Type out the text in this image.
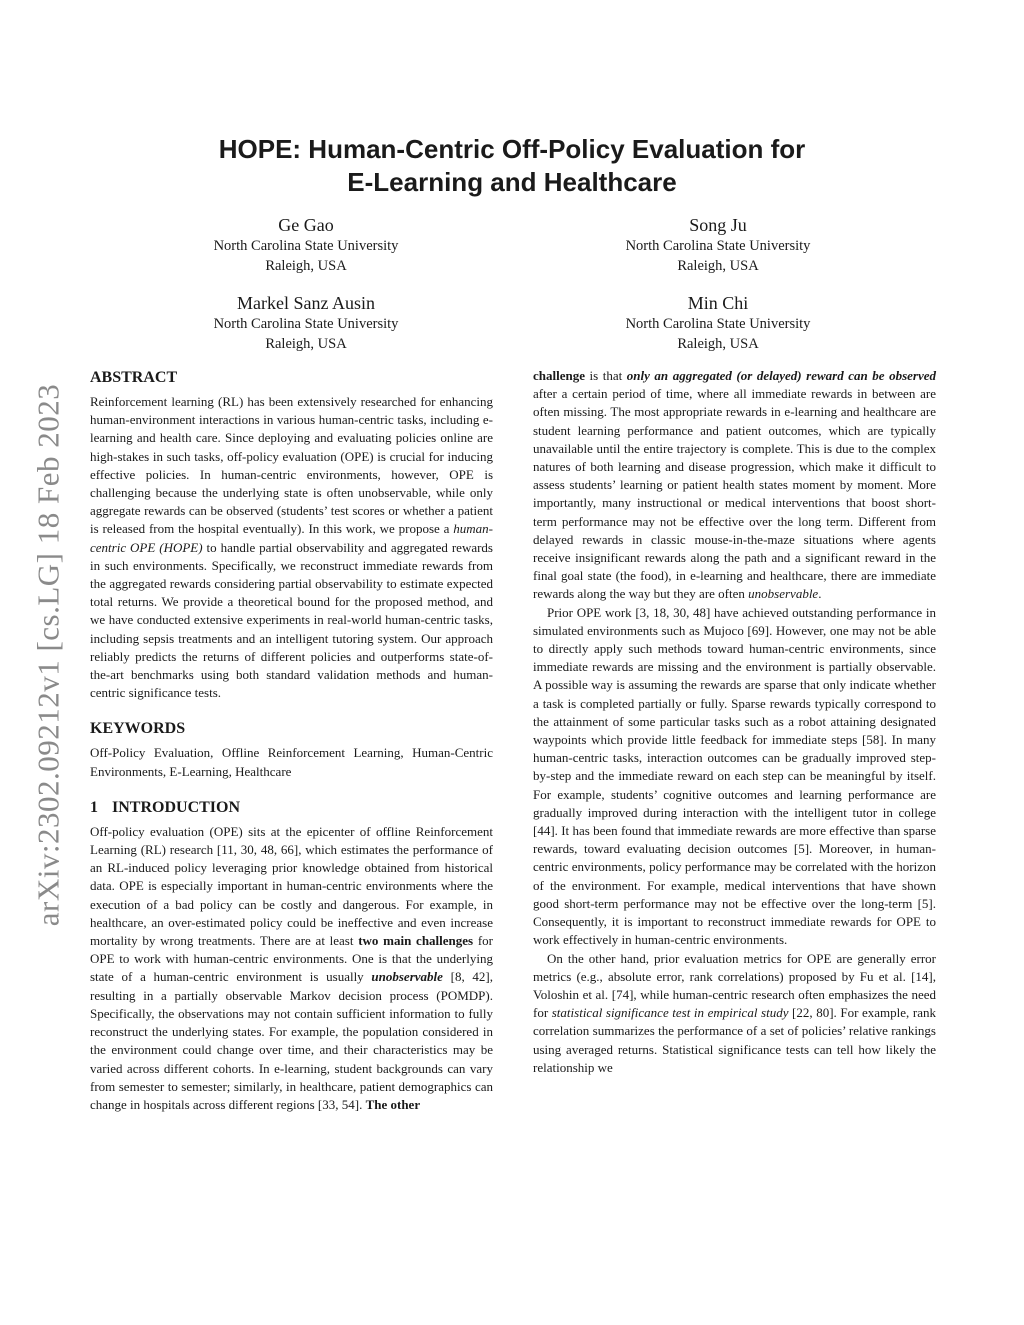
arXiv:2302.09212v1 [cs.LG] 18 Feb 2023
HOPE: Human-Centric Off-Policy Evaluation for
E-Learning and Healthcare
Ge Gao
North Carolina State University
Raleigh, USA
Song Ju
North Carolina State University
Raleigh, USA
Markel Sanz Ausin
North Carolina State University
Raleigh, USA
Min Chi
North Carolina State University
Raleigh, USA
ABSTRACT

Reinforcement learning (RL) has been extensively researched for enhancing human-environment interactions in various human-centric tasks, including e-learning and health care. Since deploying and evaluating policies online are high-stakes in such tasks, off-policy evaluation (OPE) is crucial for inducing effective policies. In human-centric environments, however, OPE is challenging because the underlying state is often unobservable, while only aggregate rewards can be observed (students’ test scores or whether a patient is released from the hospital eventually). In this work, we propose a human-centric OPE (HOPE) to handle partial observability and aggregated rewards in such environments. Specifically, we reconstruct immediate rewards from the aggregated rewards considering partial observability to estimate expected total returns. We provide a theoretical bound for the proposed method, and we have conducted extensive experiments in real-world human-centric tasks, including sepsis treatments and an intelligent tutoring system. Our approach reliably predicts the returns of different policies and outperforms state-of-the-art benchmarks using both standard validation methods and human-centric significance tests.

KEYWORDS

Off-Policy Evaluation, Offline Reinforcement Learning, Human-Centric Environments, E-Learning, Healthcare

1 INTRODUCTION

Off-policy evaluation (OPE) sits at the epicenter of offline Reinforcement Learning (RL) research [11, 30, 48, 66], which estimates the performance of an RL-induced policy leveraging prior knowledge obtained from historical data. OPE is especially important in human-centric environments where the execution of a bad policy can be costly and dangerous. For example, in healthcare, an over-estimated policy could be ineffective and even increase mortality by wrong treatments. There are at least two main challenges for OPE to work with human-centric environments. One is that the underlying state of a human-centric environment is usually unobservable [8, 42], resulting in a partially observable Markov decision process (POMDP). Specifically, the observations may not contain sufficient information to fully reconstruct the underlying states. For example, the population considered in the environment could change over time, and their characteristics may be varied across different cohorts. In e-learning, student backgrounds can vary from semester to semester; similarly, in healthcare, patient demographics can change in hospitals across different regions [33, 54]. The other

challenge is that only an aggregated (or delayed) reward can be observed after a certain period of time, where all immediate rewards in between are often missing. The most appropriate rewards in e-learning and healthcare are student learning performance and patient outcomes, which are typically unavailable until the entire trajectory is complete. This is due to the complex natures of both learning and disease progression, which make it difficult to assess students’ learning or patient health states moment by moment. More importantly, many instructional or medical interventions that boost short-term performance may not be effective over the long term. Different from delayed rewards in classic mouse-in-the-maze situations where agents receive insignificant rewards along the path and a significant reward in the final goal state (the food), in e-learning and healthcare, there are immediate rewards along the way but they are often unobservable.

Prior OPE work [3, 18, 30, 48] have achieved outstanding performance in simulated environments such as Mujoco [69]. However, one may not be able to directly apply such methods toward human-centric environments, since immediate rewards are missing and the environment is partially observable. A possible way is assuming the rewards are sparse that only indicate whether a task is completed partially or fully. Sparse rewards typically correspond to the attainment of some particular tasks such as a robot attaining designated waypoints which provide little feedback for immediate steps [58]. In many human-centric tasks, interaction outcomes can be gradually improved step-by-step and the immediate reward on each step can be meaningful by itself. For example, students’ cognitive outcomes and learning performance are gradually improved during interaction with the intelligent tutor in college [44]. It has been found that immediate rewards are more effective than sparse rewards, toward evaluating decision outcomes [5]. Moreover, in human-centric environments, policy performance may be correlated with the horizon of the environment. For example, medical interventions that have shown good short-term performance may not be effective over the long-term [5]. Consequently, it is important to reconstruct immediate rewards for OPE to work effectively in human-centric environments.

On the other hand, prior evaluation metrics for OPE are generally error metrics (e.g., absolute error, rank correlations) proposed by Fu et al. [14], Voloshin et al. [74], while human-centric research often emphasizes the need for statistical significance test in empirical study [22, 80]. For example, rank correlation summarizes the performance of a set of policies’ relative rankings using averaged returns. Statistical significance tests can tell how likely the relationship we
